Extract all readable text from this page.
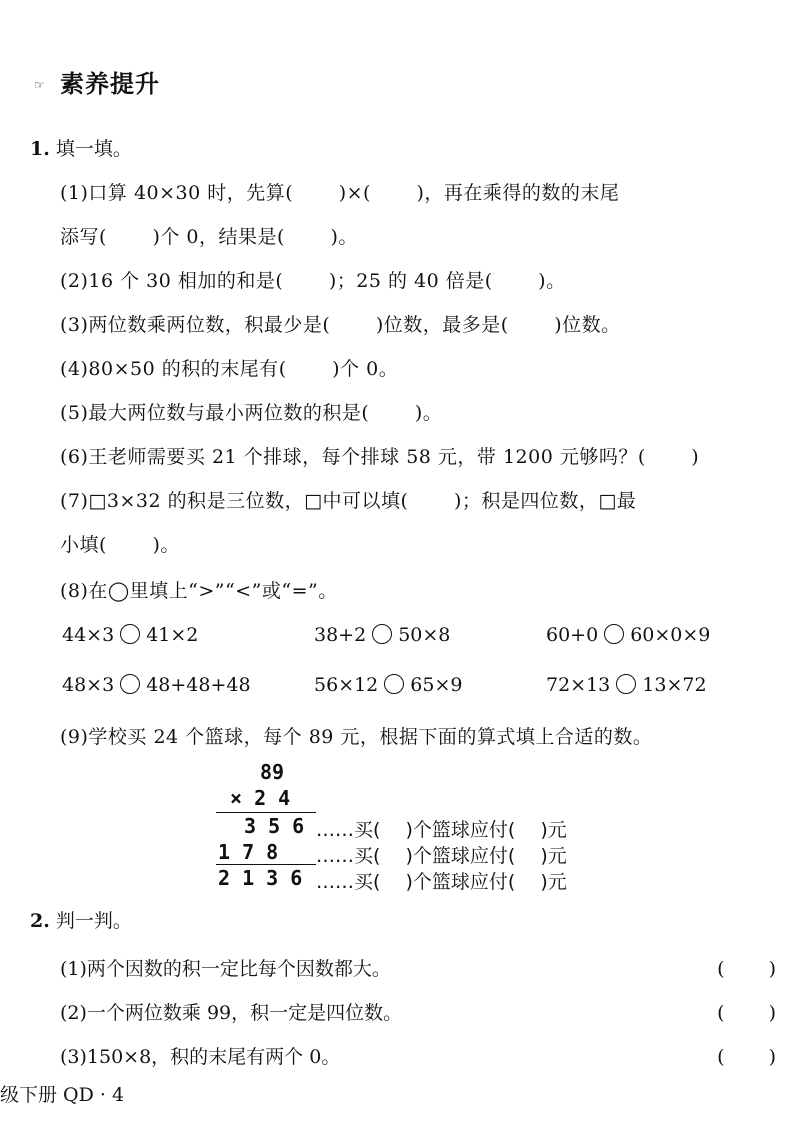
☞ 素养提升
1. 填一填。
(1)口算 40×30 时，先算(　　 )×(　　 )，再在乘得的数的末尾
添写(　　 )个 0，结果是(　　 )。
(2)16 个 30 相加的和是(　　 )；25 的 40 倍是(　　 )。
(3)两位数乘两位数，积最少是(　　 )位数，最多是(　　 )位数。
(4)80×50 的积的末尾有(　　 )个 0。
(5)最大两位数与最小两位数的积是(　　 )。
(6)王老师需要买 21 个排球，每个排球 58 元，带 1200 元够吗？(　　 )
(7)□3×32 的积是三位数，□中可以填(　　 )；积是四位数，□最
小填(　　 )。
(8)在◯里填上“>”“<”或“=”。
44×3 41×2	38+2 50×8	60+0 60×0×9
48×3 48+48+48	56×12 65×9	72×13 13×72
(9)学校买 24 个篮球，每个 89 元，根据下面的算式填上合适的数。
89
× 2 4
3 5 6 ……买(　 )个篮球应付(　 )元
1 7 8 ……买(　 )个篮球应付(　 )元
2 1 3 6 ……买(　 )个篮球应付(　 )元
2. 判一判。
(1)两个因数的积一定比每个因数都大。	(　　 )
(2)一个两位数乘 99，积一定是四位数。	(　　 )
(3)150×8，积的末尾有两个 0。	(　　 )
级下册 QD · 4
